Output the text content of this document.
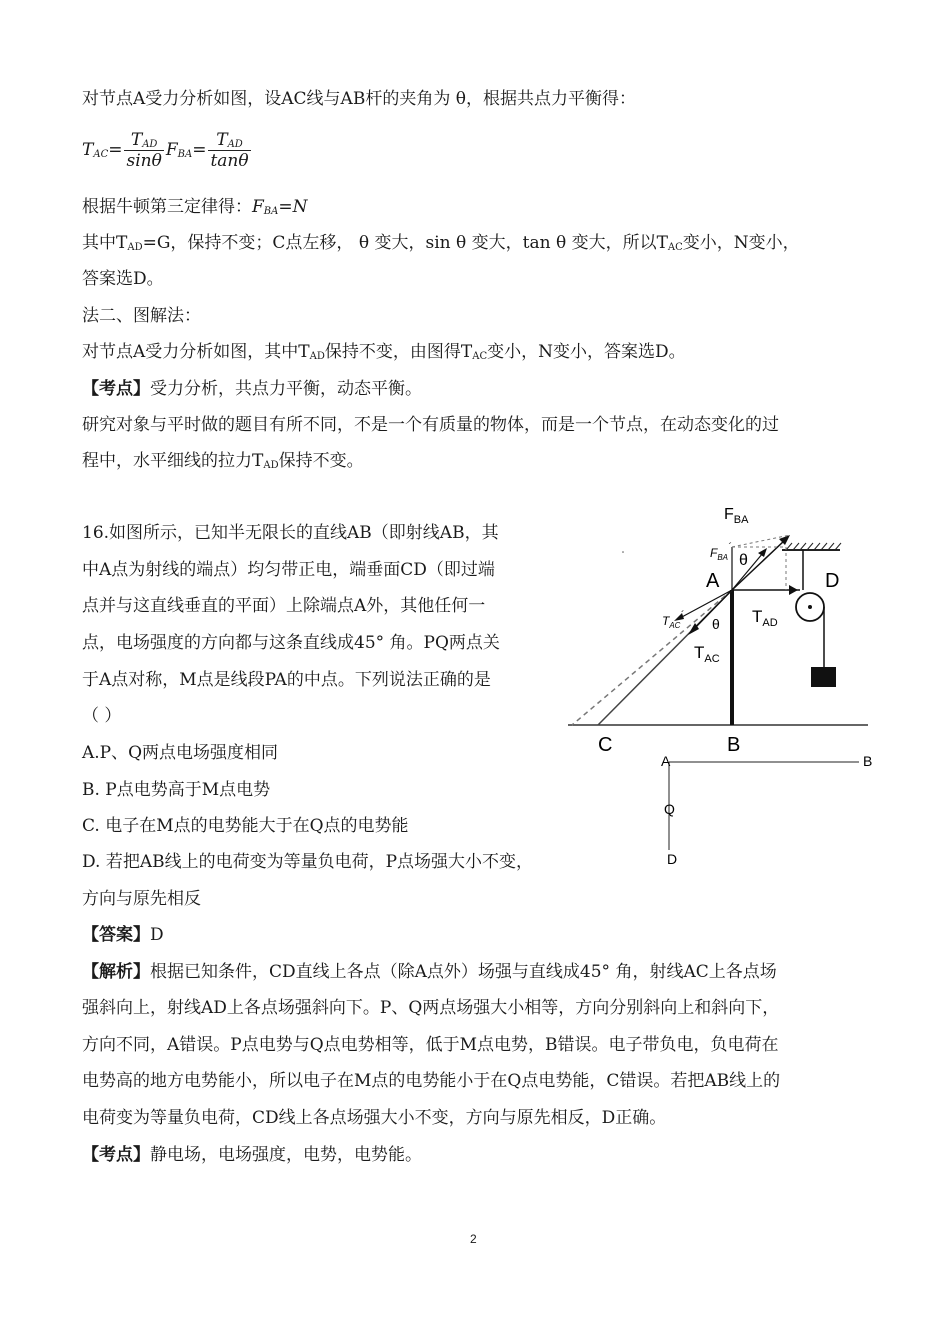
对节点A受力分析如图，设AC线与AB杆的夹角为 θ，根据共点力平衡得：
$T_{AC}= \frac{T_{AD}}{\sin\theta} F_{BA}= \frac{T_{AD}}{\tan\theta}$
根据牛顿第三定律得：$F_{BA}=N$
其中$T_{AD}=G$，保持不变；C点左移， θ 变大，sin θ 变大，tan θ 变大，所以$T_{AC}$变小，N变小，
答案选D。
法二、图解法：
对节点A受力分析如图，其中$T_{AD}$保持不变，由图得$T_{AC}$变小，N变小，答案选D。
【考点】受力分析，共点力平衡，动态平衡。
研究对象与平时做的题目有所不同，不是一个有质量的物体，而是一个节点，在动态变化的过
程中，水平细线的拉力$T_{AD}$保持不变。
16.如图所示，已知半无限长的直线AB（即射线AB，其
中A点为射线的端点）均匀带正电，端垂面CD（即过端
点并与这直线垂直的平面）上除端点A外，其他任何一
点，电场强度的方向都与这条直线成45° 角。PQ两点关
于A点对称，M点是线段PA的中点。下列说法正确的是
（ ）
A.P、Q两点电场强度相同
B. P点电势高于M点电势
C. 电子在M点的电势能大于在Q点的电势能
D. 若把AB线上的电荷变为等量负电荷，P点场强大小不变，
方向与原先相反
【答案】D
【解析】根据已知条件，CD直线上各点（除A点外）场强与直线成45° 角，射线AC上各点场
强斜向上，射线AD上各点场强斜向下。P、Q两点场强大小相等，方向分别斜向上和斜向下，
方向不同，A错误。P点电势与Q点电势相等，低于M点电势，B错误。电子带负电，负电荷在
电势高的地方电势能小，所以电子在M点的电势能小于在Q点电势能，C错误。若把AB线上的
电荷变为等量负电荷，CD线上各点场强大小不变，方向与原先相反，D正确。
【考点】静电场，电场强度，电势，电势能。
$F_{BA}$
$F_{BA}^´$
θ
A	D
$T_{AD}$
θ
$T_{AC}^´$
$T_{AC}$
C	B
A	B
Q
D
2
